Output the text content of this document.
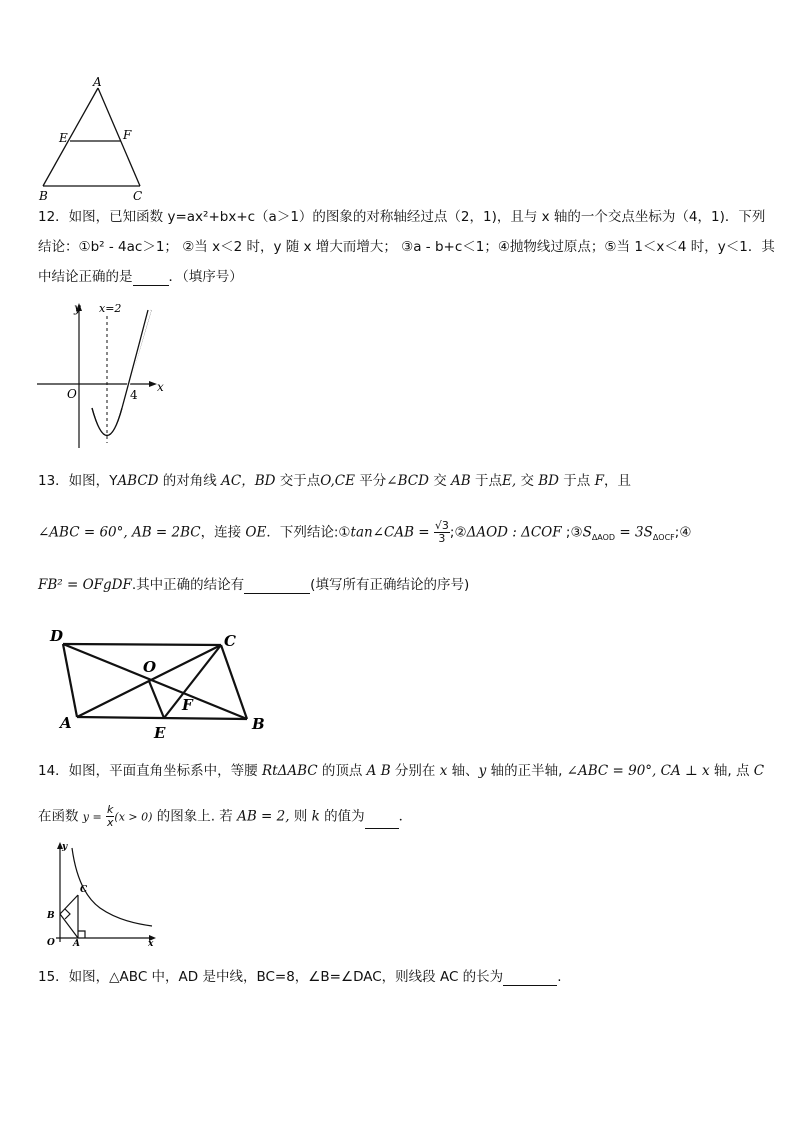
A
E	F
B	C
12．如图，已知函数 y=ax²+bx+c（a＞1）的图象的对称轴经过点（2，1)，且与 x 轴的一个交点坐标为（4，1)．下列
结论：①b² - 4ac＞1； ②当 x＜2 时，y 随 x 增大而增大； ③a - b+c＜1；④抛物线过原点；⑤当 1＜x＜4 时，y＜1．其
中结论正确的是	．（填序号）
y
x
x=2
O	4
13．如图，YABCD 的对角线 AC，BD 交于点O,CE 平分∠BCD 交 AB 于点E, 交 BD 于点 F，且
∠ABC = 60°, AB = 2BC，连接 OE．下列结论:①tan∠CAB = $\frac{√3}{3}$ ;②ΔAOD : ΔCOF $;③S_{\Delta AOD}$ = $3S_{\Delta OCF};④$
FB² = OFgDF.其中正确的结论有	(填写所有正确结论的序号)
D	C
O
F
A
E	B
14．如图，平面直角坐标系中，等腰 RtΔABC 的顶点 A B 分别在 x 轴、y 轴的正半轴, ∠ABC = 90°, CA ⊥ x 轴, 点 C
在函数 $y = \frac{k}{x} (x > 0)$ 的图象上. 若 AB = 2, 则 k 的值为	．
y
C
B
O A	x
15．如图，△ABC 中，AD 是中线，BC=8，∠B=∠DAC，则线段 AC 的长为	.
